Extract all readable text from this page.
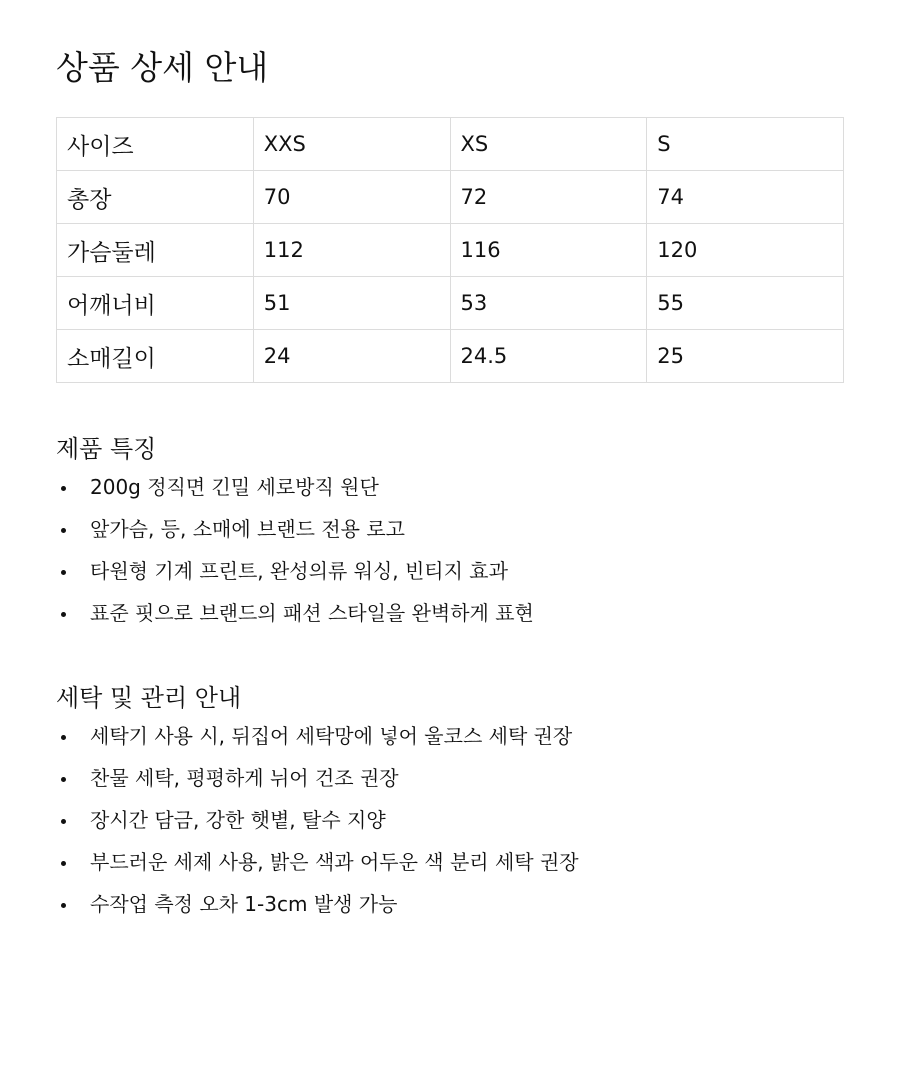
상품 상세 안내
사이즈	XXS	XS	S
총장	70	72	74
가슴둘레	112	116	120
어깨너비	51	53	55
소매길이	24	24.5	25
제품 특징
200g 정직면 긴밀 세로방직 원단
앞가슴, 등, 소매에 브랜드 전용 로고
타원형 기계 프린트, 완성의류 워싱, 빈티지 효과
표준 핏으로 브랜드의 패션 스타일을 완벽하게 표현
세탁 및 관리 안내
세탁기 사용 시, 뒤집어 세탁망에 넣어 울코스 세탁 권장
찬물 세탁, 평평하게 뉘어 건조 권장
장시간 담금, 강한 햇볕, 탈수 지양
부드러운 세제 사용, 밝은 색과 어두운 색 분리 세탁 권장
수작업 측정 오차 1-3cm 발생 가능
